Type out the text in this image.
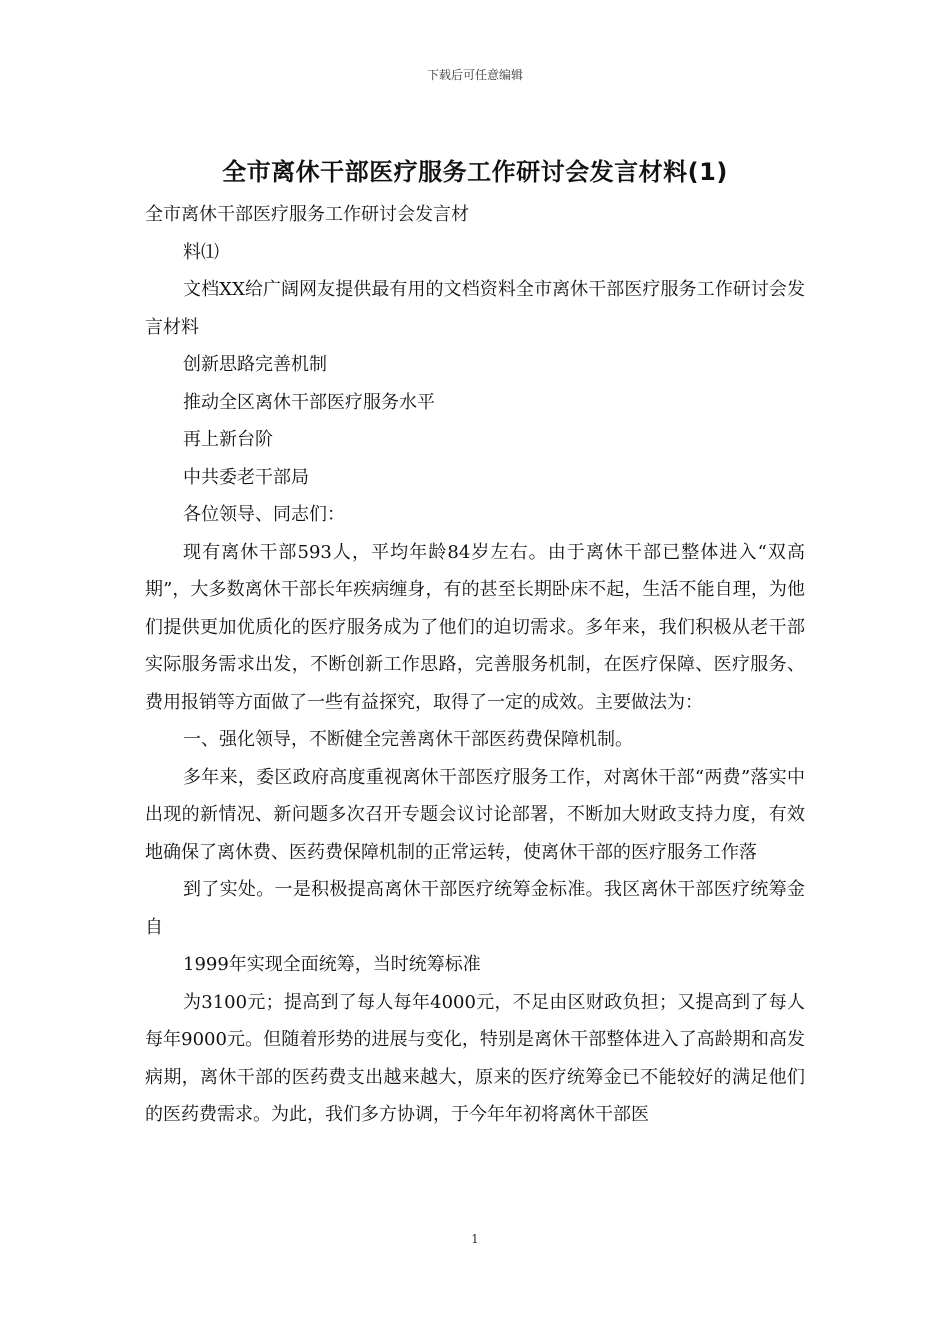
下载后可任意编辑
全市离休干部医疗服务工作研讨会发言材料(1)

全市离休干部医疗服务工作研讨会发言材

料⑴

文档XX给广阔网友提供最有用的文档资料全市离休干部医疗服务工作研讨会发言材料

创新思路完善机制

推动全区离休干部医疗服务水平

再上新台阶

中共委老干部局

各位领导、同志们：

现有离休干部593人，平均年龄84岁左右。由于离休干部已整体进入“双高期”，大多数离休干部长年疾病缠身，有的甚至长期卧床不起，生活不能自理，为他们提供更加优质化的医疗服务成为了他们的迫切需求。多年来，我们积极从老干部实际服务需求出发，不断创新工作思路，完善服务机制，在医疗保障、医疗服务、费用报销等方面做了一些有益探究，取得了一定的成效。主要做法为：

一、强化领导，不断健全完善离休干部医药费保障机制。

多年来，委区政府高度重视离休干部医疗服务工作，对离休干部“两费”落实中出现的新情况、新问题多次召开专题会议讨论部署，不断加大财政支持力度，有效地确保了离休费、医药费保障机制的正常运转，使离休干部的医疗服务工作落

到了实处。一是积极提高离休干部医疗统筹金标准。我区离休干部医疗统筹金自

1999年实现全面统筹，当时统筹标准

为3100元；提高到了每人每年4000元，不足由区财政负担；又提高到了每人每年9000元。但随着形势的进展与变化，特别是离休干部整体进入了高龄期和高发病期，离休干部的医药费支出越来越大，原来的医疗统筹金已不能较好的满足他们的医药费需求。为此，我们多方协调，于今年年初将离休干部医

1
